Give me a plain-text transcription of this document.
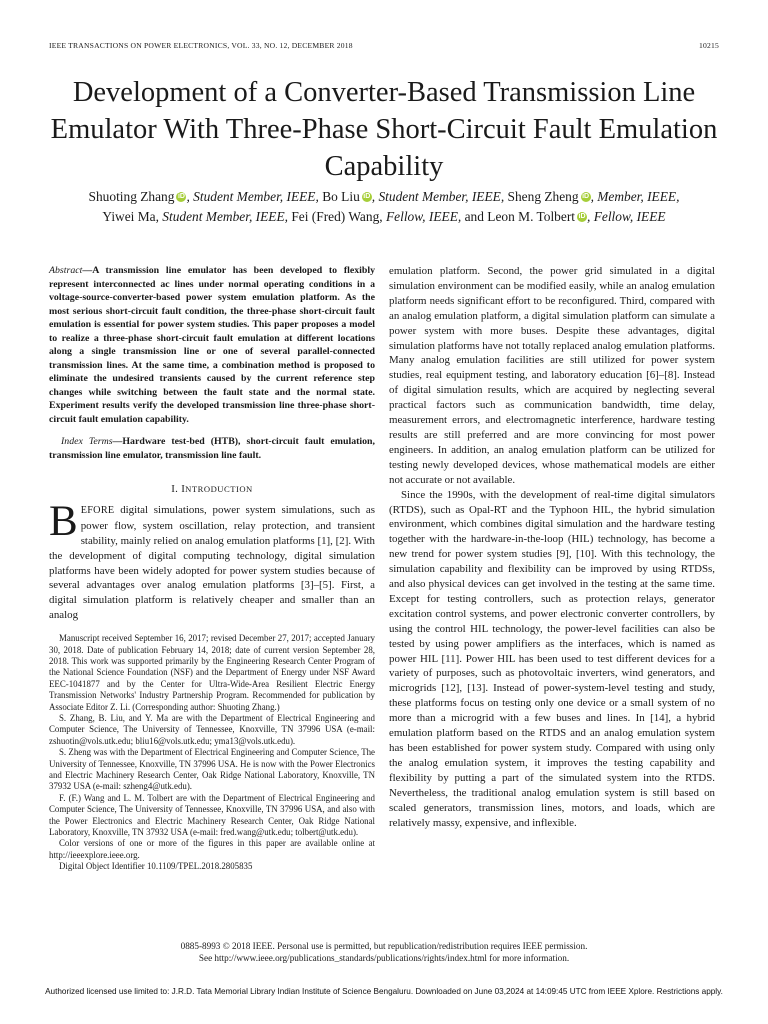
IEEE TRANSACTIONS ON POWER ELECTRONICS, VOL. 33, NO. 12, DECEMBER 2018	10215
Development of a Converter-Based Transmission Line Emulator With Three-Phase Short-Circuit Fault Emulation Capability
Shuoting Zhang iD , Student Member, IEEE, Bo Liu iD , Student Member, IEEE, Sheng Zheng iD , Member, IEEE,
Yiwei Ma, Student Member, IEEE, Fei (Fred) Wang, Fellow, IEEE, and Leon M. Tolbert iD , Fellow, IEEE

Abstract—A transmission line emulator has been developed to flexibly represent interconnected ac lines under normal operating conditions in a voltage-source-converter-based power system emulation platform. As the most serious short-circuit fault condition, the three-phase short-circuit fault emulation is essential for power system studies. This paper proposes a model to realize a three-phase short-circuit fault emulation at different locations along a single transmission line or one of several parallel-connected transmission lines. At the same time, a combination method is proposed to eliminate the undesired transients caused by the current reference step changes while switching between the fault state and the normal state. Experiment results verify the developed transmission line three-phase short-circuit fault emulation capability.

Index Terms—Hardware test-bed (HTB), short-circuit fault emulation, transmission line emulator, transmission line fault.

I. INTRODUCTION

BEFORE digital simulations, power system simulations, such as power flow, system oscillation, relay protection, and transient stability, mainly relied on analog emulation platforms [1], [2]. With the development of digital computing technology, digital simulation platforms have been widely adopted for power system studies because of several advantages over analog emulation platforms [3]–[5]. First, a digital simulation platform is relatively cheaper and smaller than an analog

Manuscript received September 16, 2017; revised December 27, 2017; accepted January 30, 2018. Date of publication February 14, 2018; date of current version September 28, 2018. This work was supported primarily by the Engineering Research Center Program of the National Science Foundation (NSF) and the Department of Energy under NSF Award EEC-1041877 and by the Center for Ultra-Wide-Area Resilient Electric Energy Transmission Networks' Industry Partnership Program. Recommended for publication by Associate Editor Z. Li. (Corresponding author: Shuoting Zhang.)

S. Zhang, B. Liu, and Y. Ma are with the Department of Electrical Engineering and Computer Science, The University of Tennessee, Knoxville, TN 37996 USA (e-mail: zshuotin@vols.utk.edu; bliu16@vols.utk.edu; yma13@vols.utk.edu).

S. Zheng was with the Department of Electrical Engineering and Computer Science, The University of Tennessee, Knoxville, TN 37996 USA. He is now with the Power Electronics and Electric Machinery Research Center, Oak Ridge National Laboratory, Knoxville, TN 37932 USA (e-mail: szheng4@utk.edu).

F. (F.) Wang and L. M. Tolbert are with the Department of Electrical Engineering and Computer Science, The University of Tennessee, Knoxville, TN 37996 USA, and also with the Power Electronics and Electric Machinery Research Center, Oak Ridge National Laboratory, Knoxville, TN 37932 USA (e-mail: fred.wang@utk.edu; tolbert@utk.edu).

Color versions of one or more of the figures in this paper are available online at http://ieeexplore.ieee.org.

Digital Object Identifier 10.1109/TPEL.2018.2805835

emulation platform. Second, the power grid simulated in a digital simulation environment can be modified easily, while an analog emulation platform needs significant effort to be reconfigured. Third, compared with an analog emulation platform, a digital simulation platform can simulate a power system with more buses. Despite these advantages, digital simulation platforms have not totally replaced analog emulation platforms. Many analog emulation facilities are still utilized for power system studies, real equipment testing, and laboratory education [6]–[8]. Instead of digital simulation results, which are acquired by neglecting several practical factors such as communication bandwidth, time delay, measurement errors, and electromagnetic interference, hardware testing results are still preferred and are more convincing for most power engineers. In addition, an analog emulation platform can be utilized for testing newly developed devices, whose mathematical models are either not accurate or not available.

Since the 1990s, with the development of real-time digital simulators (RTDS), such as Opal-RT and the Typhoon HIL, the hybrid simulation environment, which combines digital simulation and the hardware testing together with the hardware-in-the-loop (HIL) technology, has become a new trend for power system studies [9], [10]. With this technology, the simulation capability and flexibility can be improved by using RTDSs, and also physical devices can get involved in the testing at the same time. Except for testing controllers, such as protection relays, generator excitation control systems, and power electronic converter controllers, by using the control HIL technology, the power-level facilities can also be tested by using power amplifiers as the interfaces, which is named as power HIL [11]. Power HIL has been used to test different devices for a variety of purposes, such as photovoltaic inverters, wind generators, and microgrids [12], [13]. Instead of power-system-level testing and study, these platforms focus on testing only one device or a small system of no more than a microgrid with a few buses and lines. In [14], a hybrid emulation platform based on the RTDS and an analog emulation system has been established for power system study. Compared with using only the analog emulation system, it improves the testing capability and flexibility by putting a part of the simulated system into the RTDS. Nevertheless, the traditional analog emulation system is still based on scaled generators, transmission lines, motors, and loads, which are relatively massy, expensive, and inflexible.

0885-8993 © 2018 IEEE. Personal use is permitted, but republication/redistribution requires IEEE permission.
See http://www.ieee.org/publications_standards/publications/rights/index.html for more information.
Authorized licensed use limited to: J.R.D. Tata Memorial Library Indian Institute of Science Bengaluru. Downloaded on June 03,2024 at 14:09:45 UTC from IEEE Xplore. Restrictions apply.
